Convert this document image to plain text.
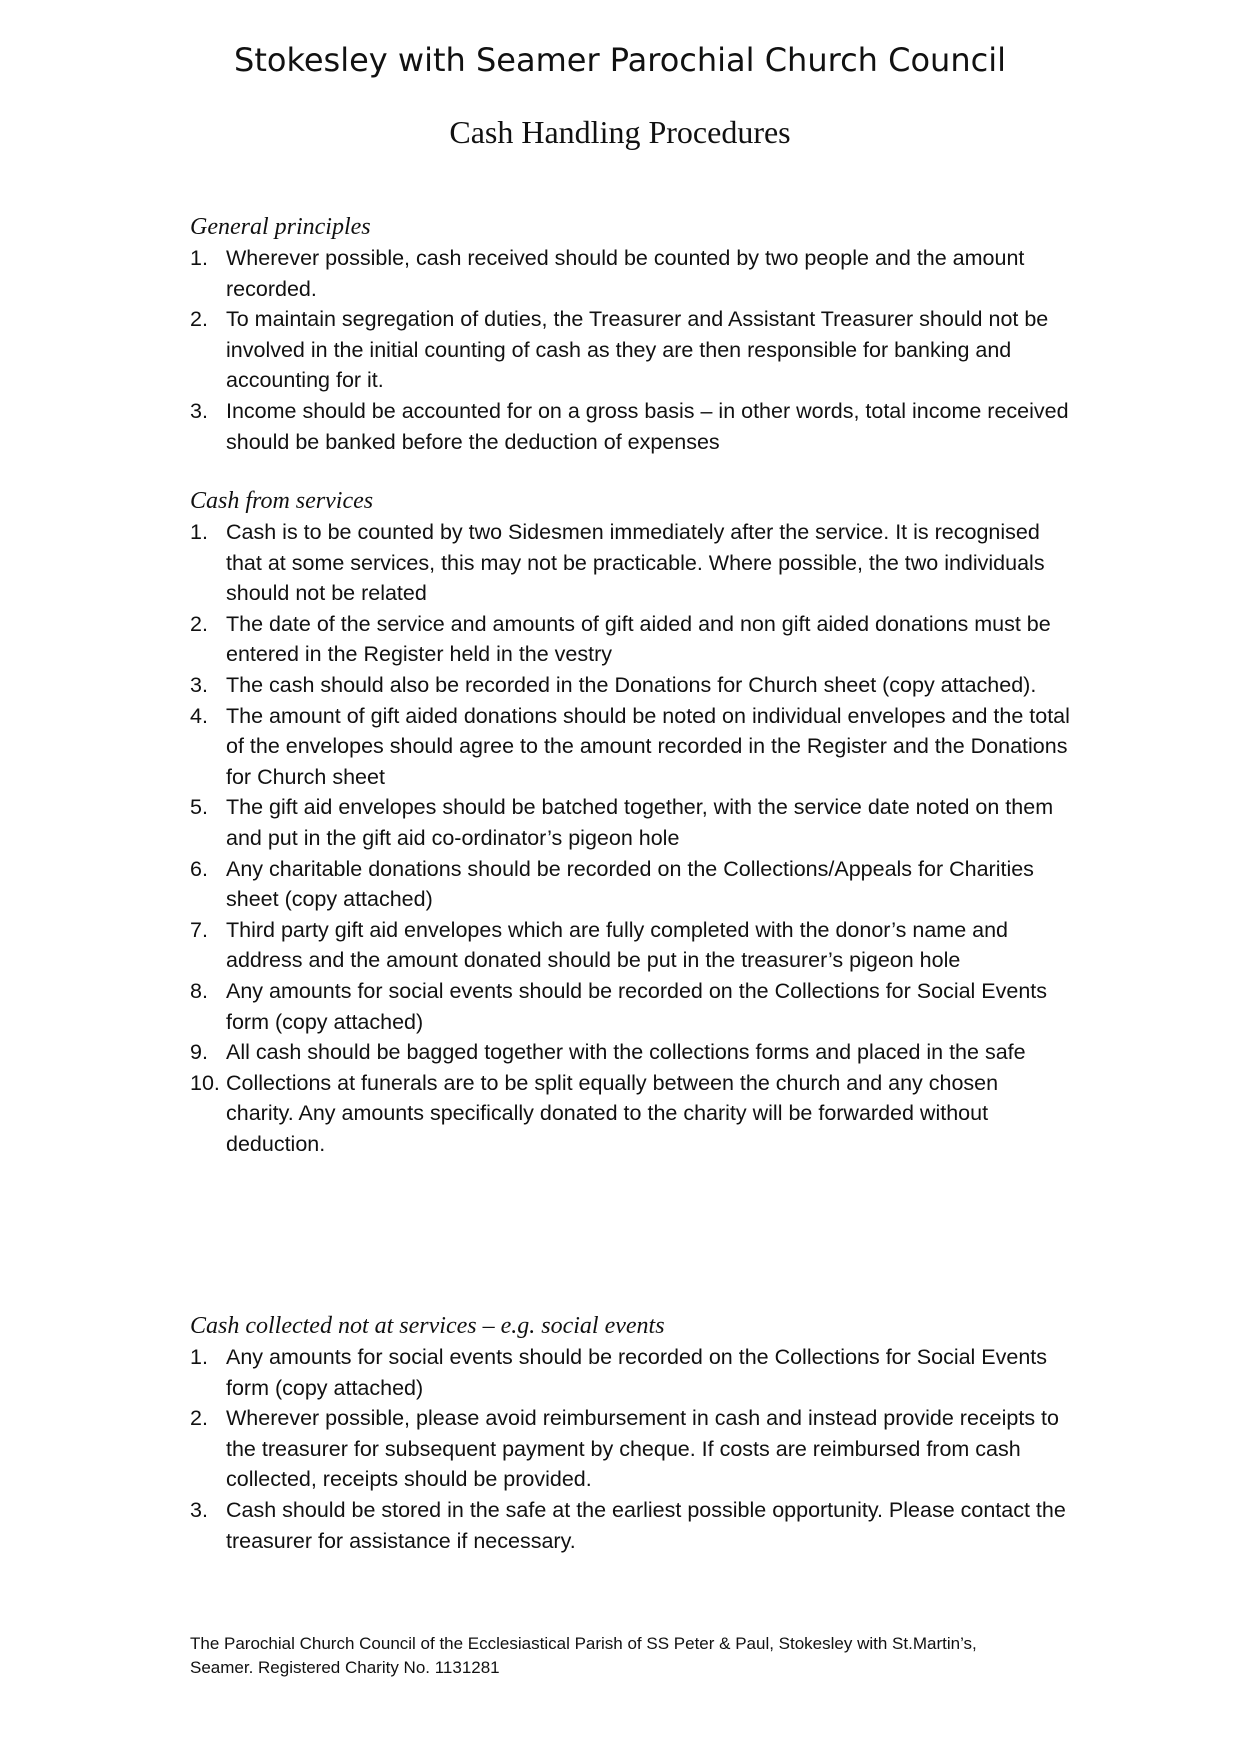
Stokesley with Seamer Parochial Church Council
Cash Handling Procedures
General principles
1. Wherever possible, cash received should be counted by two people and the amount recorded.
2. To maintain segregation of duties, the Treasurer and Assistant Treasurer should not be involved in the initial counting of cash as they are then responsible for banking and accounting for it.
3. Income should be accounted for on a gross basis – in other words, total income received should be banked before the deduction of expenses
Cash from services
1. Cash is to be counted by two Sidesmen immediately after the service. It is recognised that at some services, this may not be practicable. Where possible, the two individuals should not be related
2. The date of the service and amounts of gift aided and non gift aided donations must be entered in the Register held in the vestry
3. The cash should also be recorded in the Donations for Church sheet (copy attached).
4. The amount of gift aided donations should be noted on individual envelopes and the total of the envelopes should agree to the amount recorded in the Register and the Donations for Church sheet
5. The gift aid envelopes should be batched together, with the service date noted on them and put in the gift aid co-ordinator’s pigeon hole
6. Any charitable donations should be recorded on the Collections/Appeals for Charities sheet (copy attached)
7. Third party gift aid envelopes which are fully completed with the donor’s name and address and the amount donated should be put in the treasurer’s pigeon hole
8. Any amounts for social events should be recorded on the Collections for Social Events form (copy attached)
9. All cash should be bagged together with the collections forms and placed in the safe
10. Collections at funerals are to be split equally between the church and any chosen charity. Any amounts specifically donated to the charity will be forwarded without deduction.
Cash collected not at services – e.g. social events
1. Any amounts for social events should be recorded on the Collections for Social Events form (copy attached)
2. Wherever possible, please avoid reimbursement in cash and instead provide receipts to the treasurer for subsequent payment by cheque. If costs are reimbursed from cash collected, receipts should be provided.
3. Cash should be stored in the safe at the earliest possible opportunity. Please contact the treasurer for assistance if necessary.
The Parochial Church Council of the Ecclesiastical Parish of SS Peter & Paul, Stokesley with St.Martin’s,
Seamer. Registered Charity No. 1131281
